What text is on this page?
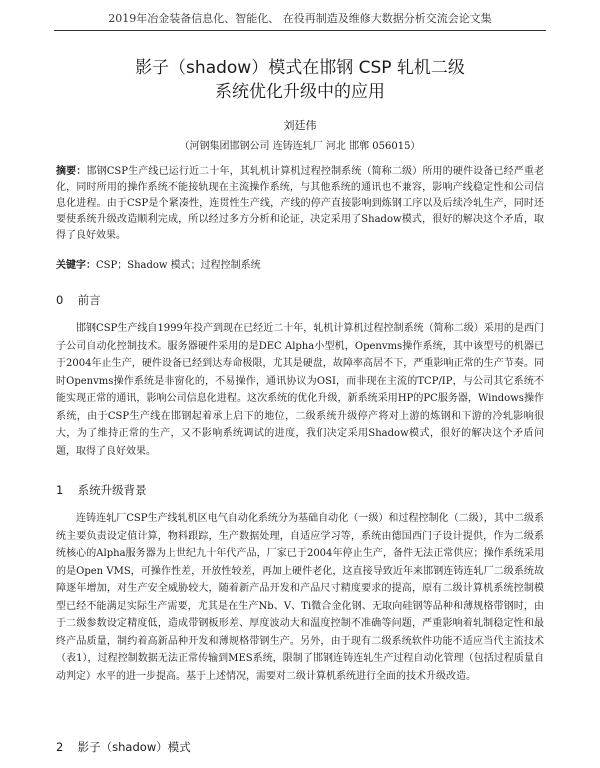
2019年冶金装备信息化、智能化、 在役再制造及维修大数据分析交流会论文集
影子（shadow）模式在邯钢 CSP 轧机二级
系统优化升级中的应用
刘廷伟
（河钢集团邯钢公司 连铸连轧厂 河北 邯郸 056015）
摘要：邯钢CSP生产线已运行近二十年，其轧机计算机过程控制系统（简称二级）所用的硬件设备已经严重老化，同时所用的操作系统不能接轨现在主流操作系统，与其他系统的通讯也不兼容，影响产线稳定性和公司信息化进程。由于CSP是个紧凑性，连贯性生产线，产线的停产直接影响到炼钢工序以及后续冷轧生产，同时还要使系统升级改造顺利完成，所以经过多方分析和论证，决定采用了Shadow模式，很好的解决这个矛盾，取得了良好效果。
关键字：CSP；Shadow 模式；过程控制系统
0 前言
邯钢CSP生产线自1999年投产到现在已经近二十年，轧机计算机过程控制系统（简称二级）采用的是西门子公司自动化控制技术。服务器硬件采用的是DEC Alpha小型机，Openvms操作系统，其中该型号的机器已于2004年止生产，硬件设备已经到达寿命极限，尤其是硬盘，故障率高居不下，严重影响正常的生产节奏。同时Openvms操作系统是非窗化的，不易操作，通讯协议为OSI，而非现在主流的TCP/IP，与公司其它系统不能实现正常的通讯，影响公司信息化进程。这次系统的优化升级，新系统采用HP的PC服务器，Windows操作系统，由于CSP生产线在邯钢起着承上启下的地位，二级系统升级停产将对上游的炼钢和下游的冷轧影响很大，为了维持正常的生产，又不影响系统调试的进度，我们决定采用Shadow模式，很好的解决这个矛盾问题，取得了良好效果。
1 系统升级背景
连铸连轧厂CSP生产线轧机区电气自动化系统分为基础自动化（一级）和过程控制化（二级），其中二级系统主要负责设定值计算，物料跟踪，生产数据处理，自适应学习等，系统由德国西门子设计提供，作为二级系统核心的Alpha服务器为上世纪九十年代产品，厂家已于2004年停止生产，备件无法正常供应；操作系统采用的是Open VMS，可操作性差，开放性较差，再加上硬件老化，这直接导致近年来邯钢连铸连轧厂二级系统故障逐年增加，对生产安全威胁较大，随着新产品开发和产品尺寸精度要求的提高，原有二级计算机系统控制模型已经不能满足实际生产需要，尤其是在生产Nb、V、Ti微合金化钢、无取向硅钢等品种和薄规格带钢时，由于二级参数设定精度低，造成带钢板形差、厚度波动大和温度控制不准确等问题，严重影响着轧制稳定性和最终产品质量，制约着高新品种开发和薄规格带钢生产。另外，由于现有二级系统软件功能不适应当代主流技术（表1），过程控制数据无法正常传输到MES系统，限制了邯钢连铸连轧生产过程自动化管理（包括过程质量自动判定）水平的进一步提高。基于上述情况，需要对二级计算机系统进行全面的技术升级改造。
2 影子（shadow）模式
